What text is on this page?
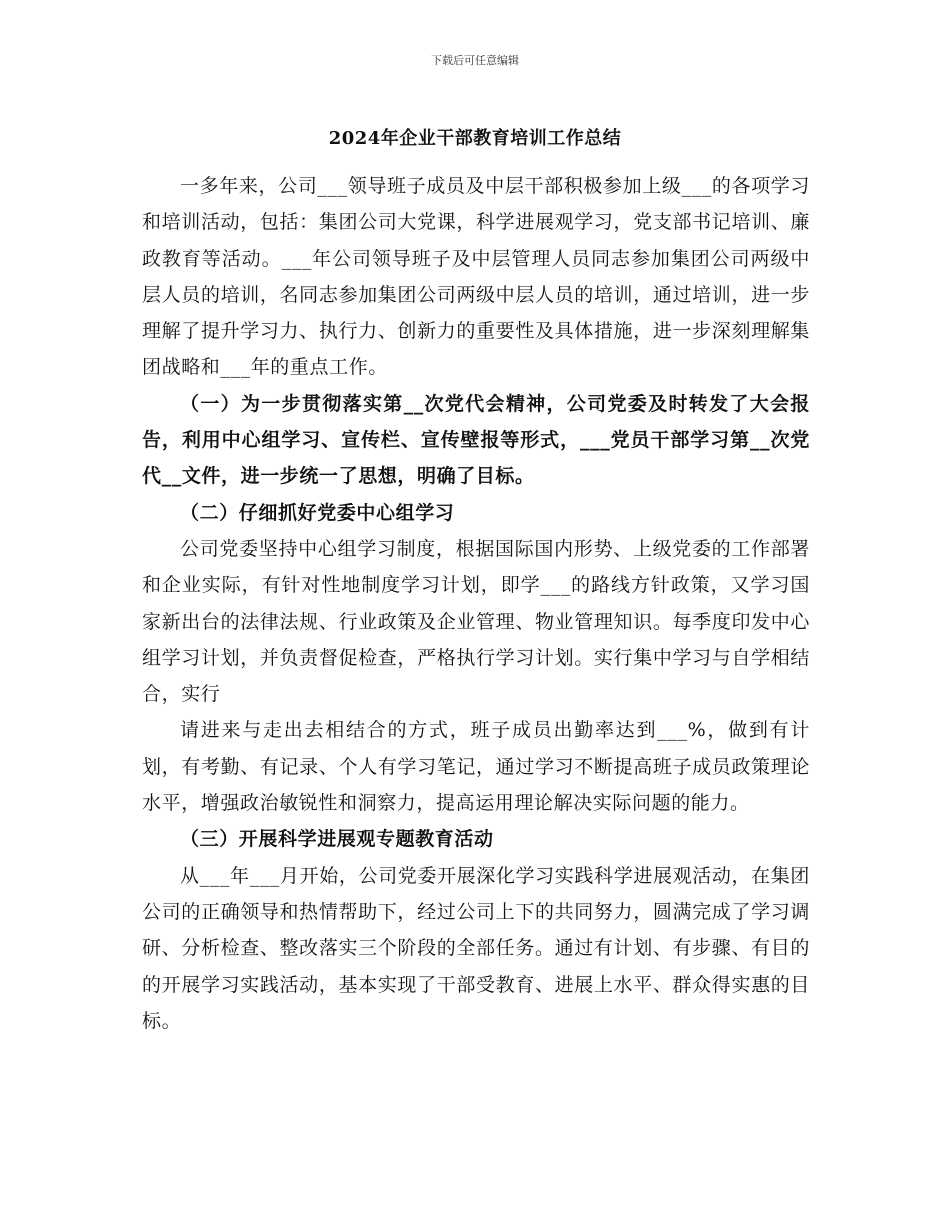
下载后可任意编辑
2024年企业干部教育培训工作总结

一多年来，公司___领导班子成员及中层干部积极参加上级___的各项学习和培训活动，包括：集团公司大党课，科学进展观学习，党支部书记培训、廉政教育等活动。___年公司领导班子及中层管理人员同志参加集团公司两级中层人员的培训，名同志参加集团公司两级中层人员的培训，通过培训，进一步理解了提升学习力、执行力、创新力的重要性及具体措施，进一步深刻理解集团战略和___年的重点工作。

（一）为一步贯彻落实第__次党代会精神，公司党委及时转发了大会报告，利用中心组学习、宣传栏、宣传壁报等形式，___党员干部学习第__次党代__文件，进一步统一了思想，明确了目标。

（二）仔细抓好党委中心组学习

公司党委坚持中心组学习制度，根据国际国内形势、上级党委的工作部署和企业实际，有针对性地制度学习计划，即学___的路线方针政策，又学习国家新出台的法律法规、行业政策及企业管理、物业管理知识。每季度印发中心组学习计划，并负责督促检查，严格执行学习计划。实行集中学习与自学相结合，实行

请进来与走出去相结合的方式，班子成员出勤率达到___%，做到有计划，有考勤、有记录、个人有学习笔记，通过学习不断提高班子成员政策理论水平，增强政治敏锐性和洞察力，提高运用理论解决实际问题的能力。

（三）开展科学进展观专题教育活动

从___年___月开始，公司党委开展深化学习实践科学进展观活动，在集团公司的正确领导和热情帮助下，经过公司上下的共同努力，圆满完成了学习调研、分析检查、整改落实三个阶段的全部任务。通过有计划、有步骤、有目的的开展学习实践活动，基本实现了干部受教育、进展上水平、群众得实惠的目标。
